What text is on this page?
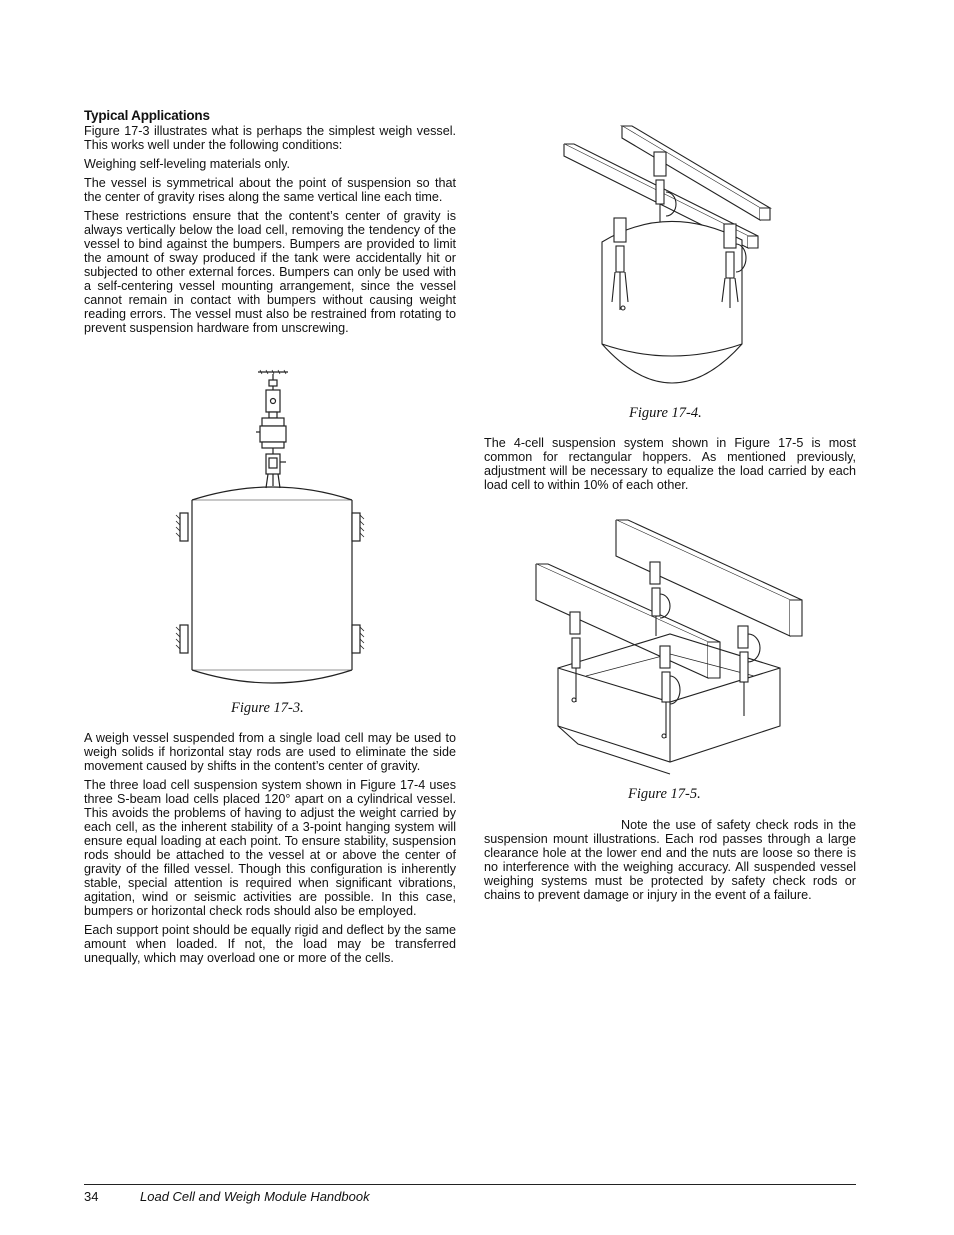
Typical Applications

Figure 17-3 illustrates what is perhaps the simplest weigh vessel. This works well under the following conditions:

Weighing self-leveling materials only.

The vessel is symmetrical about the point of suspension so that the center of gravity rises along the same vertical line each time.

These restrictions ensure that the content’s center of gravity is always vertically below the load cell, removing the tendency of the vessel to bind against the bumpers. Bumpers are provided to limit the amount of sway produced if the tank were accidentally hit or subjected to other external forces. Bumpers can only be used with a self-centering vessel mounting arrangement, since the vessel cannot remain in contact with bumpers without causing weight reading errors. The vessel must also be restrained from rotating to prevent suspension hardware from unscrewing.

Figure 17-3.

A weigh vessel suspended from a single load cell may be used to weigh solids if horizontal stay rods are used to eliminate the side movement caused by shifts in the content’s center of gravity.

The three load cell suspension system shown in Figure 17-4 uses three S-beam load cells placed 120° apart on a cylindrical vessel. This avoids the problems of having to adjust the weight carried by each cell, as the inherent stability of a 3-point hanging system will ensure equal loading at each point. To ensure stability, suspension rods should be attached to the vessel at or above the center of gravity of the filled vessel. Though this configuration is inherently stable, special attention is required when significant vibrations, agitation, wind or seismic activities are possible. In this case, bumpers or horizontal check rods should also be employed.

Each support point should be equally rigid and deflect by the same amount when loaded. If not, the load may be transferred unequally, which may overload one or more of the cells.

Figure 17-4.

The 4-cell suspension system shown in Figure 17-5 is most common for rectangular hoppers. As mentioned previously, adjustment will be necessary to equalize the load carried by each load cell to within 10% of each other.

Figure 17-5.

Note the use of safety check rods in the suspension mount illustrations. Each rod passes through a large clearance hole at the lower end and the nuts are loose so there is no interference with the weighing accuracy. All suspended vessel weighing systems must be protected by safety check rods or chains to prevent damage or injury in the event of a failure.

34	Load Cell and Weigh Module Handbook
